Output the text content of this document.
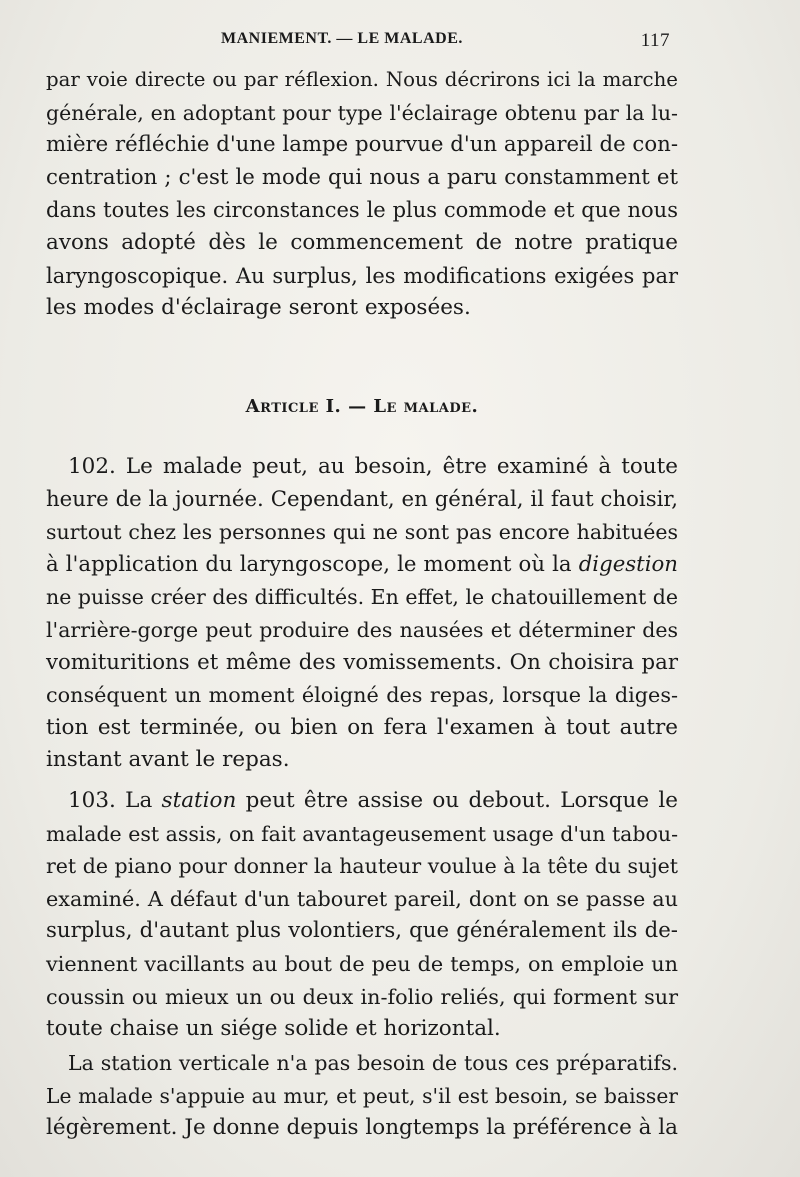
MANIEMENT. — LE MALADE.	117
par voie directe ou par réflexion. Nous décrirons ici la marche
générale, en adoptant pour type l'éclairage obtenu par la lu-
mière réfléchie d'une lampe pourvue d'un appareil de con-
centration ; c'est le mode qui nous a paru constamment et
dans toutes les circonstances le plus commode et que nous
avons adopté dès le commencement de notre pratique
laryngoscopique. Au surplus, les modifications exigées par
les modes d'éclairage seront exposées.
Article I. — Le malade.
102. Le malade peut, au besoin, être examiné à toute
heure de la journée. Cependant, en général, il faut choisir,
surtout chez les personnes qui ne sont pas encore habituées
à l'application du laryngoscope, le moment où la digestion
ne puisse créer des difficultés. En effet, le chatouillement de
l'arrière-gorge peut produire des nausées et déterminer des
vomituritions et même des vomissements. On choisira par
conséquent un moment éloigné des repas, lorsque la diges-
tion est terminée, ou bien on fera l'examen à tout autre
instant avant le repas.
103. La station peut être assise ou debout. Lorsque le
malade est assis, on fait avantageusement usage d'un tabou-
ret de piano pour donner la hauteur voulue à la tête du sujet
examiné. A défaut d'un tabouret pareil, dont on se passe au
surplus, d'autant plus volontiers, que généralement ils de-
viennent vacillants au bout de peu de temps, on emploie un
coussin ou mieux un ou deux in-folio reliés, qui forment sur
toute chaise un siége solide et horizontal.
La station verticale n'a pas besoin de tous ces préparatifs.
Le malade s'appuie au mur, et peut, s'il est besoin, se baisser
légèrement. Je donne depuis longtemps la préférence à la
